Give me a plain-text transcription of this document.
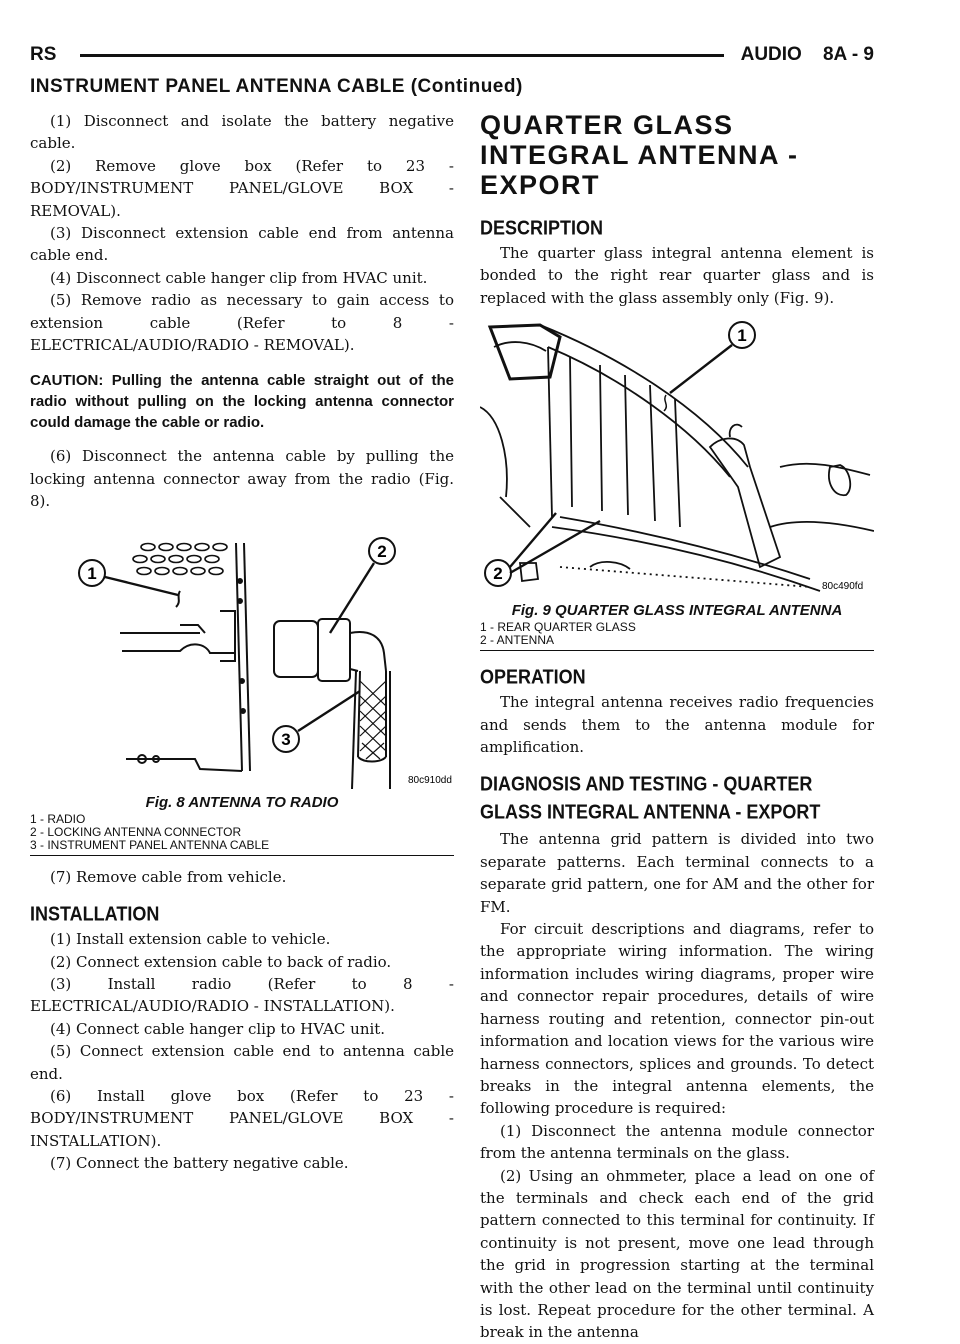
RS	AUDIO 8A - 9
INSTRUMENT PANEL ANTENNA CABLE (Continued)

(1) Disconnect and isolate the battery negative cable.

(2) Remove glove box (Refer to 23 - BODY/INSTRUMENT PANEL/GLOVE BOX - REMOVAL).

(3) Disconnect extension cable end from antenna cable end.

(4) Disconnect cable hanger clip from HVAC unit.

(5) Remove radio as necessary to gain access to extension cable (Refer to 8 - ELECTRICAL/AUDIO/RADIO - REMOVAL).

CAUTION: Pulling the antenna cable straight out of the radio without pulling on the locking antenna connector could damage the cable or radio.

(6) Disconnect the antenna cable by pulling the locking antenna connector away from the radio (Fig. 8).

1
2
3
80c910dd
Fig. 8 ANTENNA TO RADIO
1 - RADIO
2 - LOCKING ANTENNA CONNECTOR
3 - INSTRUMENT PANEL ANTENNA CABLE

(7) Remove cable from vehicle.

INSTALLATION

(1) Install extension cable to vehicle.

(2) Connect extension cable to back of radio.

(3) Install radio (Refer to 8 - ELECTRICAL/AUDIO/RADIO - INSTALLATION).

(4) Connect cable hanger clip to HVAC unit.

(5) Connect extension cable end to antenna cable end.

(6) Install glove box (Refer to 23 - BODY/INSTRUMENT PANEL/GLOVE BOX - INSTALLATION).

(7) Connect the battery negative cable.

QUARTER GLASS INTEGRAL ANTENNA - EXPORT
DESCRIPTION

The quarter glass integral antenna element is bonded to the right rear quarter glass and is replaced with the glass assembly only (Fig. 9).

1
2
80c490fd
Fig. 9 QUARTER GLASS INTEGRAL ANTENNA
1 - REAR QUARTER GLASS
2 - ANTENNA
OPERATION

The integral antenna receives radio frequencies and sends them to the antenna module for amplification.

DIAGNOSIS AND TESTING - QUARTER GLASS INTEGRAL ANTENNA - EXPORT

The antenna grid pattern is divided into two separate patterns. Each terminal connects to a separate grid pattern, one for AM and the other for FM.

For circuit descriptions and diagrams, refer to the appropriate wiring information. The wiring information includes wiring diagrams, proper wire and connector repair procedures, details of wire harness routing and retention, connector pin-out information and location views for the various wire harness connectors, splices and grounds. To detect breaks in the integral antenna elements, the following procedure is required:

(1) Disconnect the antenna module connector from the antenna terminals on the glass.

(2) Using an ohmmeter, place a lead on one of the terminals and check each end of the grid pattern connected to this terminal for continuity. If continuity is not present, move one lead through the grid in progression starting at the terminal with the other lead on the terminal until continuity is lost. Repeat procedure for the other terminal. A break in the antenna
